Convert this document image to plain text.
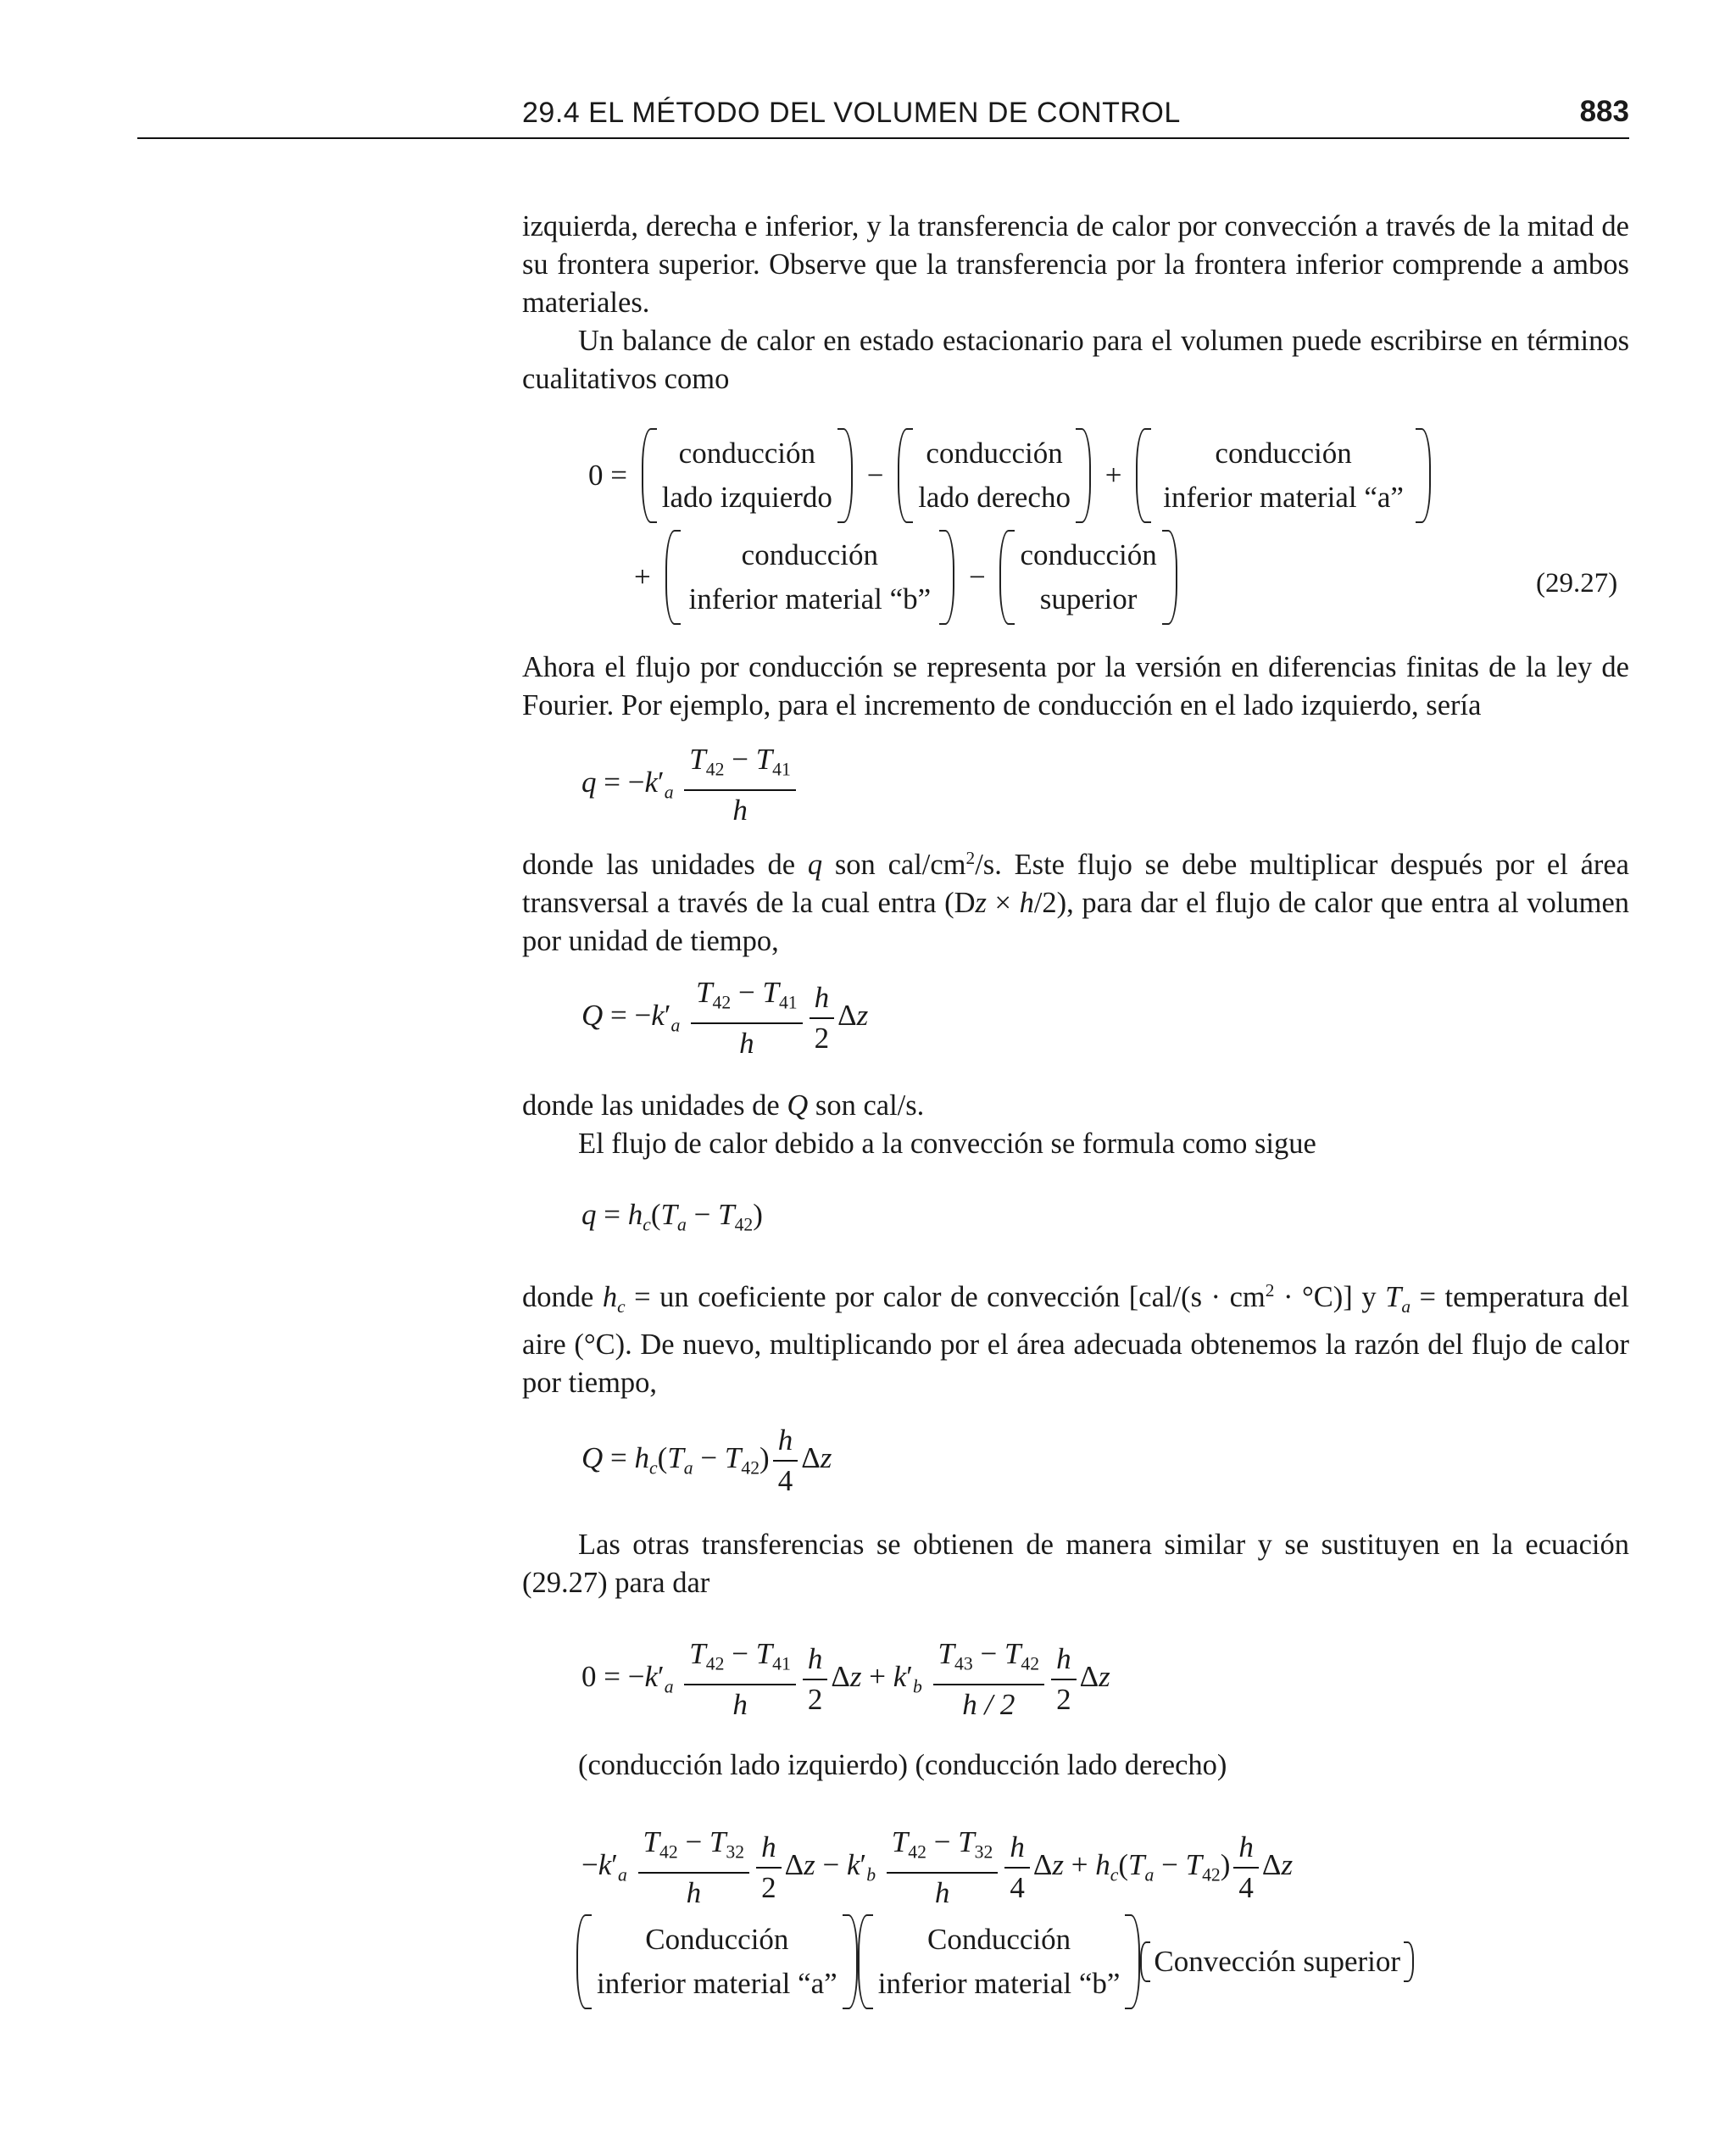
29.4 EL MÉTODO DEL VOLUMEN DE CONTROL	883

izquierda, derecha e inferior, y la transferencia de calor por convección a través de la mitad de su frontera superior. Observe que la transferencia por la frontera inferior comprende a ambos materiales.

Un balance de calor en estado estacionario para el volumen puede escribirse en términos cualitativos como

0 =
conducción
lado izquierdo
−
conducción
lado derecho
+
conducción
inferior material “a”
+
conducción
inferior material “b”
−
conducción
superior	(29.27)

Ahora el flujo por conducción se representa por la versión en diferencias finitas de la ley de Fourier. Por ejemplo, para el incremento de conducción en el lado izquierdo, sería

$q = -k'_a \frac{T_{42} - T_{41}}{h}$

donde las unidades de q son cal/$cm^2/s$. Este flujo se debe multiplicar después por el área transversal a través de la cual entra (Dz × h/2), para dar el flujo de calor que entra al volumen por unidad de tiempo,

$Q = -k'_a \frac{T_{42} - T_{41}}{h} \frac{h}{2}$ Δz

donde las unidades de Q son cal/s.

El flujo de calor debido a la convección se formula como sigue

$q = h_c(T_a - T_{42})$

donde $h_c$ = un coeficiente por calor de convección $[cal/(s \cdot cm^2 \cdot ^\circ C)]$ y $T_a$ = temperatura del aire (°C). De nuevo, multiplicando por el área adecuada obtenemos la razón del flujo de calor por tiempo,

$Q = h_c(T_a - T_{42}) \frac{h}{4}$ Δz

Las otras transferencias se obtienen de manera similar y se sustituyen en la ecuación (29.27) para dar

$0 = -k'_a \frac{T_{42} - T_{41}}{h} \frac{h}{2}$ $\Delta z + k'_b \frac{T_{43} - T_{42}}{h / 2} \frac{h}{2}$ Δz

(conducción lado izquierdo) (conducción lado derecho)

$-k'_a \frac{T_{42} - T_{32}}{h} \frac{h}{2}$ $\Delta z - k'_b \frac{T_{42} - T_{32}}{h} \frac{h}{4}$ $\Delta z + h_c(T_a - T_{42}) \frac{h}{4}$ Δz
Conducción
inferior material “a”
Conducción
inferior material “b”
Convección superior
